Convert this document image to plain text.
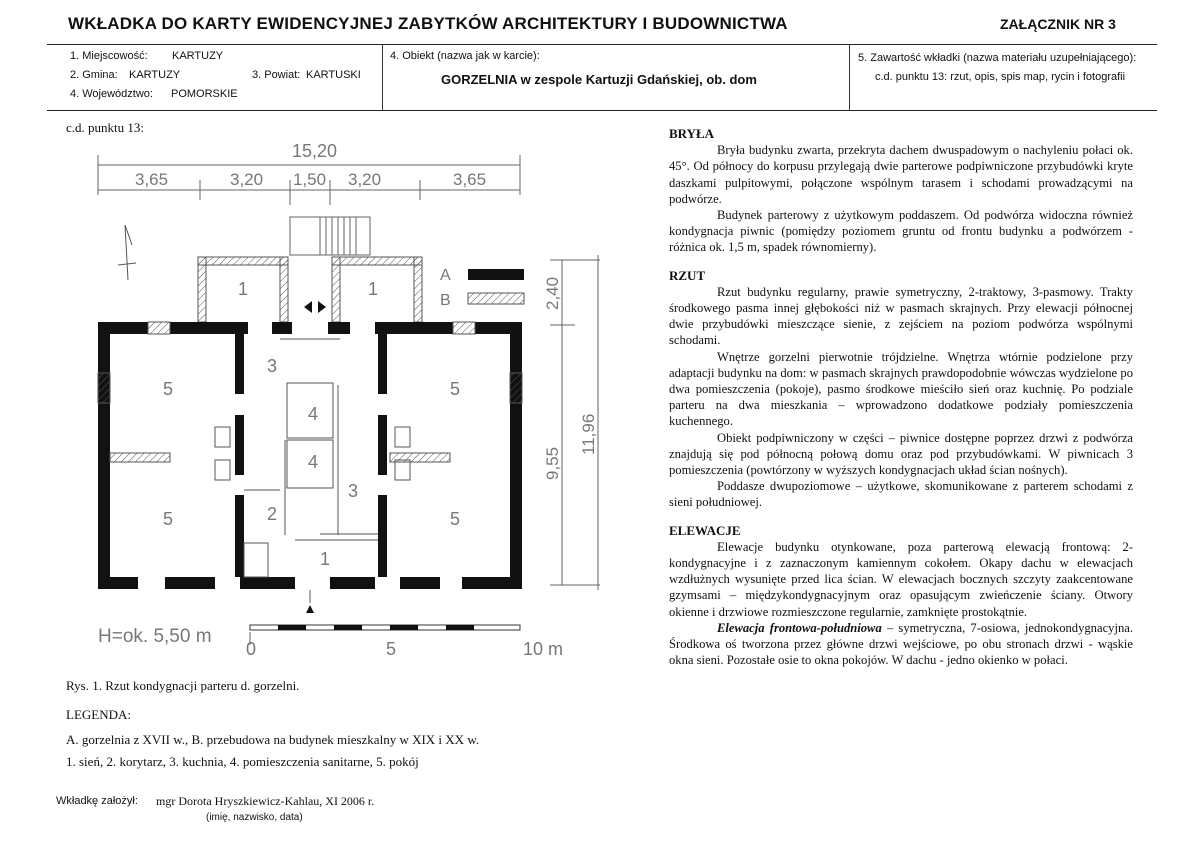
WKŁADKA DO KARTY EWIDENCYJNEJ ZABYTKÓW ARCHITEKTURY I BUDOWNICTWA	ZAŁĄCZNIK NR 3
1. Miejscowość: KARTUZY
2. Gmina: KARTUZY	3. Powiat: KARTUSKI
4. Województwo: POMORSKIE
4. Obiekt (nazwa jak w karcie):
GORZELNIA w zespole Kartuzji Gdańskiej, ob. dom
5. Zawartość wkładki (nazwa materiału uzupełniającego):
c.d. punktu 13: rzut, opis, spis map, rycin i fotografii
c.d. punktu 13:
15,20
3,65	3,20 1,50 3,20	3,65
A
B	2,40
9,55
11,96
1	1
3
5	5
4
4
5	2
3
5
1
H=ok. 5,50 m
0	5	10 m
Rys. 1. Rzut kondygnacji parteru d. gorzelni.
LEGENDA:
A. gorzelnia z XVII w., B. przebudowa na budynek mieszkalny w XIX i XX w.
1. sień, 2. korytarz, 3. kuchnia, 4. pomieszczenia sanitarne, 5. pokój
Wkładkę założył: mgr Dorota Hryszkiewicz-Kahlau, XI 2006 r.
(imię, nazwisko, data)
BRYŁA

Bryła budynku zwarta, przekryta dachem dwuspadowym o nachyleniu połaci ok. 45°. Od północy do korpusu przylegają dwie parterowe podpiwniczone przybudówki kryte daszkami pulpitowymi, połączone wspólnym tarasem i schodami prowadzącymi na podwórze.

Budynek parterowy z użytkowym poddaszem. Od podwórza widoczna również kondygnacja piwnic (pomiędzy poziomem gruntu od frontu budynku a podwórzem - różnica ok. 1,5 m, spadek równomierny).

RZUT

Rzut budynku regularny, prawie symetryczny, 2-traktowy, 3-pasmowy. Trakty środkowego pasma innej głębokości niż w pasmach skrajnych. Przy elewacji północnej dwie przybudówki mieszczące sienie, z zejściem na poziom podwórza wspólnymi schodami.

Wnętrze gorzelni pierwotnie trójdzielne. Wnętrza wtórnie podzielone przy adaptacji budynku na dom: w pasmach skrajnych prawdopodobnie wówczas wydzielone po dwa pomieszczenia (pokoje), pasmo środkowe mieściło sień oraz kuchnię. Po podziale parteru na dwa mieszkania – wprowadzono dodatkowe podziały pomieszczenia kuchennego.

Obiekt podpiwniczony w części – piwnice dostępne poprzez drzwi z podwórza znajdują się pod północną połową domu oraz pod przybudówkami. W piwnicach 3 pomieszczenia (powtórzony w wyższych kondygnacjach układ ścian nośnych).

Poddasze dwupoziomowe – użytkowe, skomunikowane z parterem schodami z sieni południowej.

ELEWACJE

Elewacje budynku otynkowane, poza parterową elewacją frontową: 2-kondygnacyjne i z zaznaczonym kamiennym cokołem. Okapy dachu w elewacjach wzdłużnych wysunięte przed lica ścian. W elewacjach bocznych szczyty zaakcentowane gzymsami – międzykondygnacyjnym oraz opasującym zwieńczenie ściany. Otwory okienne i drzwiowe rozmieszczone regularnie, zamknięte prostokątnie.

Elewacja frontowa-południowa – symetryczna, 7-osiowa, jednokondygnacyjna. Środkowa oś tworzona przez główne drzwi wejściowe, po obu stronach drzwi - wąskie okna sieni. Pozostałe osie to okna pokojów. W dachu - jedno okienko w połaci.
